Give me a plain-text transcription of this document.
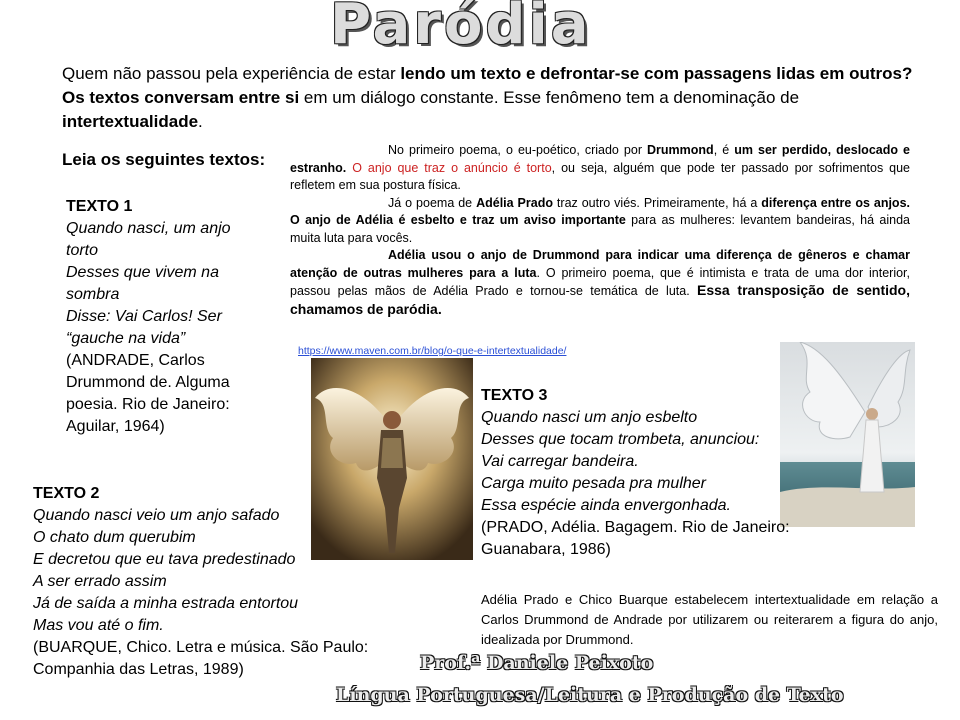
Paródia
Quem não passou pela experiência de estar lendo um texto e defrontar-se com passagens lidas em outros? Os textos conversam entre si em um diálogo constante. Esse fenômeno tem a denominação de intertextualidade.
Leia os seguintes textos:	No primeiro poema, o eu-poético, criado por Drummond, é um ser perdido, deslocado e estranho. O anjo que traz o anúncio é torto, ou seja, alguém que pode ter passado por sofrimentos que refletem em sua postura física.

Já o poema de Adélia Prado traz outro viés. Primeiramente, há a diferença entre os anjos. O anjo de Adélia é esbelto e traz um aviso importante para as mulheres: levantem bandeiras, há ainda muita luta para vocês.

Adélia usou o anjo de Drummond para indicar uma diferença de gêneros e chamar atenção de outras mulheres para a luta. O primeiro poema, que é intimista e trata de uma dor interior, passou pelas mãos de Adélia Prado e tornou-se temática de luta. Essa transposição de sentido, chamamos de paródia.

https://www.maven.com.br/blog/o-que-e-intertextualidade/
TEXTO 1
Quando nasci, um anjo torto
Desses que vivem na sombra
Disse: Vai Carlos! Ser “gauche na vida”
(ANDRADE, Carlos Drummond de. Alguma poesia. Rio de Janeiro: Aguilar, 1964)
TEXTO 2
Quando nasci veio um anjo safado
O chato dum querubim
E decretou que eu tava predestinado
A ser errado assim
Já de saída a minha estrada entortou
Mas vou até o fim.
(BUARQUE, Chico. Letra e música. São Paulo:
Companhia das Letras, 1989)
TEXTO 3
Quando nasci um anjo esbelto
Desses que tocam trombeta, anunciou:
Vai carregar bandeira.
Carga muito pesada pra mulher
Essa espécie ainda envergonhada.
(PRADO, Adélia. Bagagem. Rio de Janeiro:
Guanabara, 1986)
Adélia Prado e Chico Buarque estabelecem intertextualidade em relação a Carlos Drummond de Andrade por utilizarem ou reiterarem a figura do anjo, idealizada por Drummond.
Prof.ª Daniele Peixoto
Língua Portuguesa/Leitura e Produção de Texto
